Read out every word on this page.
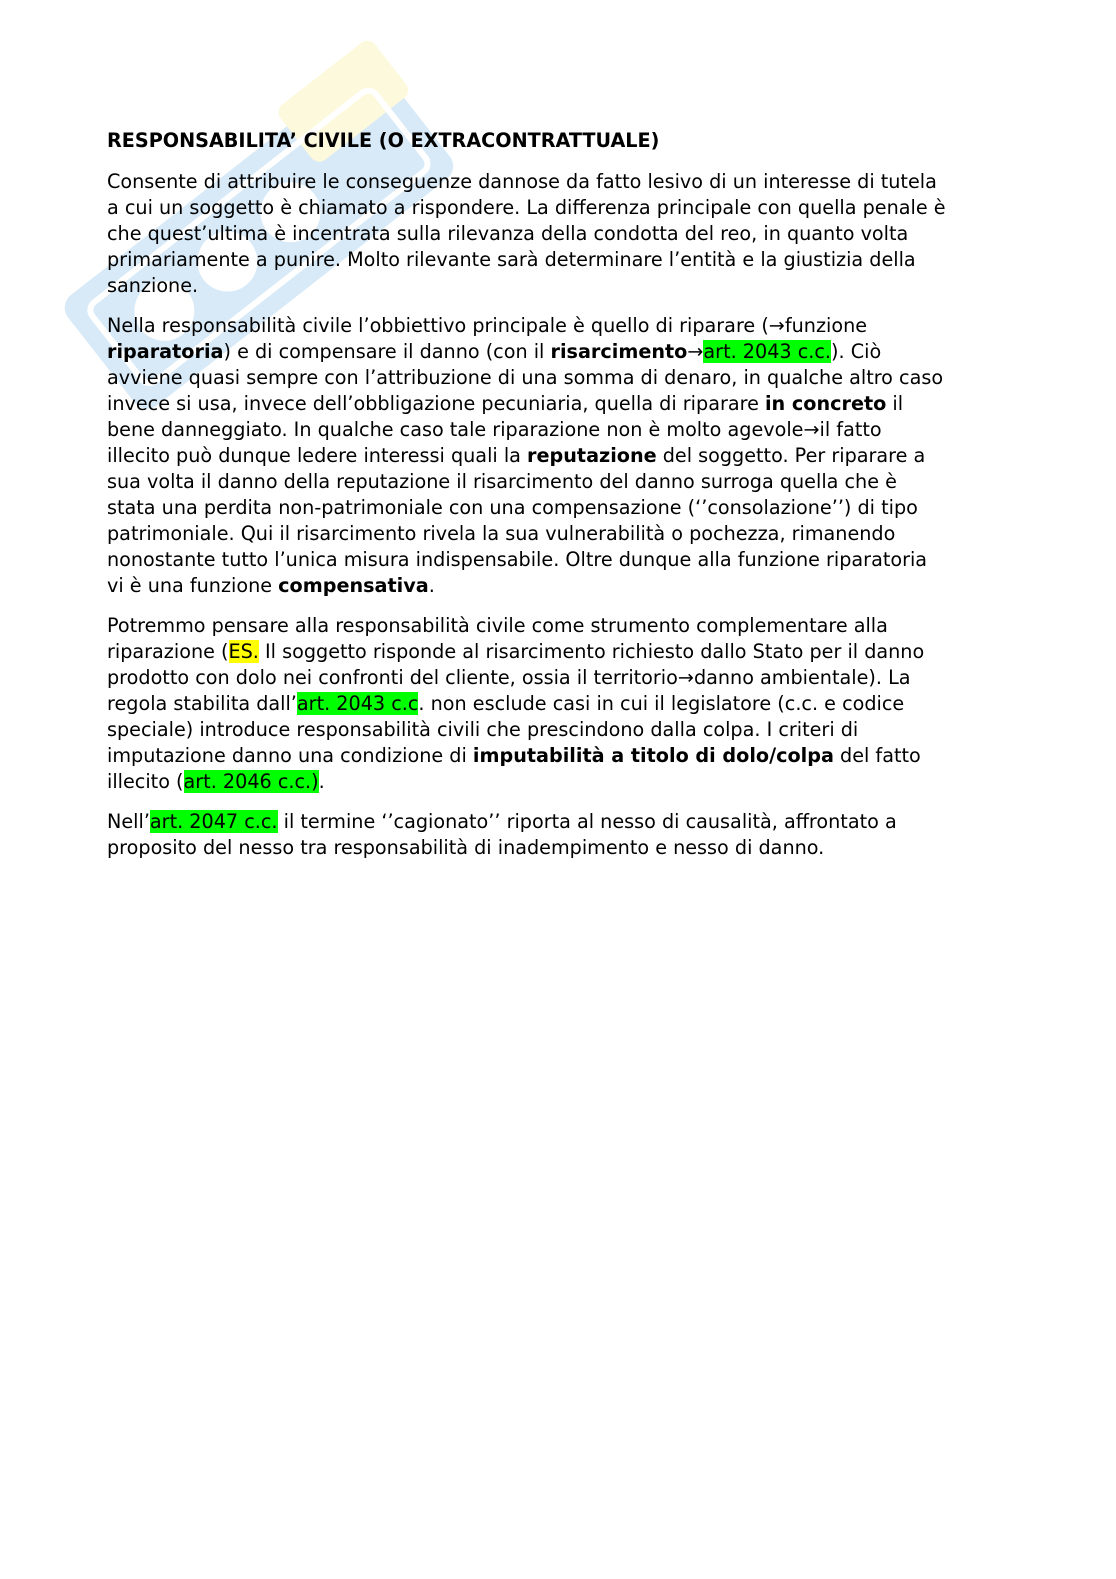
RESPONSABILITA’ CIVILE (O EXTRACONTRATTUALE)

Consente di attribuire le conseguenze dannose da fatto lesivo di un interesse di tutela
a cui un soggetto è chiamato a rispondere. La differenza principale con quella penale è
che quest’ultima è incentrata sulla rilevanza della condotta del reo, in quanto volta
primariamente a punire. Molto rilevante sarà determinare l’entità e la giustizia della
sanzione.

Nella responsabilità civile l’obbiettivo principale è quello di riparare (→funzione
riparatoria) e di compensare il danno (con il risarcimento→art. 2043 c.c.). Ciò
avviene quasi sempre con l’attribuzione di una somma di denaro, in qualche altro caso
invece si usa, invece dell’obbligazione pecuniaria, quella di riparare in concreto il
bene danneggiato. In qualche caso tale riparazione non è molto agevole→il fatto
illecito può dunque ledere interessi quali la reputazione del soggetto. Per riparare a
sua volta il danno della reputazione il risarcimento del danno surroga quella che è
stata una perdita non-patrimoniale con una compensazione (‘’consolazione’’) di tipo
patrimoniale. Qui il risarcimento rivela la sua vulnerabilità o pochezza, rimanendo
nonostante tutto l’unica misura indispensabile. Oltre dunque alla funzione riparatoria
vi è una funzione compensativa.

Potremmo pensare alla responsabilità civile come strumento complementare alla
riparazione (ES. Il soggetto risponde al risarcimento richiesto dallo Stato per il danno
prodotto con dolo nei confronti del cliente, ossia il territorio→danno ambientale). La
regola stabilita dall’art. 2043 c.c. non esclude casi in cui il legislatore (c.c. e codice
speciale) introduce responsabilità civili che prescindono dalla colpa. I criteri di
imputazione danno una condizione di imputabilità a titolo di dolo/colpa del fatto
illecito (art. 2046 c.c.).

Nell’art. 2047 c.c. il termine ‘’cagionato’’ riporta al nesso di causalità, affrontato a
proposito del nesso tra responsabilità di inadempimento e nesso di danno.
